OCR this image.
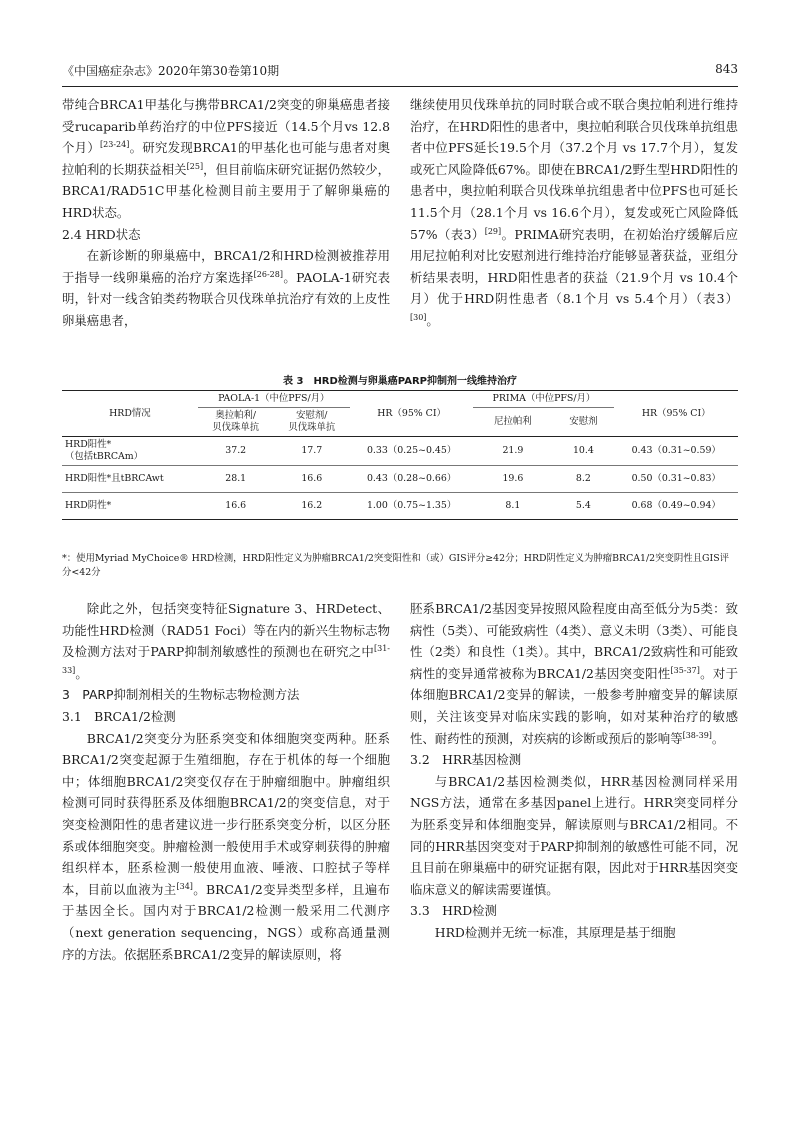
《中国癌症杂志》2020年第30卷第10期	843

带纯合BRCA1甲基化与携带BRCA1/2突变的卵巢癌患者接受rucaparib单药治疗的中位PFS接近（14.5个月vs 12.8个月）[23-24]。研究发现BRCA1的甲基化也可能与患者对奥拉帕利的长期获益相关[25]，但目前临床研究证据仍然较少，BRCA1/RAD51C甲基化检测目前主要用于了解卵巢癌的HRD状态。

2.4 HRD状态

在新诊断的卵巢癌中，BRCA1/2和HRD检测被推荐用于指导一线卵巢癌的治疗方案选择[26-28]。PAOLA-1研究表明，针对一线含铂类药物联合贝伐珠单抗治疗有效的上皮性卵巢癌患者，

继续使用贝伐珠单抗的同时联合或不联合奥拉帕利进行维持治疗，在HRD阳性的患者中，奥拉帕利联合贝伐珠单抗组患者中位PFS延长19.5个月（37.2个月 vs 17.7个月），复发或死亡风险降低67%。即使在BRCA1/2野生型HRD阳性的患者中，奥拉帕利联合贝伐珠单抗组患者中位PFS也可延长11.5个月（28.1个月 vs 16.6个月），复发或死亡风险降低57%（表3）[29]。PRIMA研究表明，在初始治疗缓解后应用尼拉帕利对比安慰剂进行维持治疗能够显著获益，亚组分析结果表明，HRD阳性患者的获益（21.9个月 vs 10.4个月）优于HRD阴性患者（8.1个月 vs 5.4个月）（表3）[30]。

表 3　HRD检测与卵巢癌PARP抑制剂一线维持治疗
HRD情况	PAOLA-1（中位PFS/月）		HR（95% CI）	PRIMA（中位PFS/月）		HR（95% CI）
	奥拉帕利/
贝伐珠单抗	安慰剂/
贝伐珠单抗		尼拉帕利	安慰剂	
HRD阳性*
（包括tBRCAm）	37.2	17.7	0.33（0.25~0.45）	21.9	10.4	0.43（0.31~0.59）
HRD阳性*且tBRCAwt	28.1	16.6	0.43（0.28~0.66）	19.6	8.2	0.50（0.31~0.83）
HRD阴性*	16.6	16.2	1.00（0.75~1.35）	8.1	5.4	0.68（0.49~0.94）
*：使用Myriad MyChoice® HRD检测，HRD阳性定义为肿瘤BRCA1/2突变阳性和（或）GIS评分≥42分；HRD阴性定义为肿瘤BRCA1/2突变阴性且GIS评分<42分

除此之外，包括突变特征Signature 3、HRDetect、功能性HRD检测（RAD51 Foci）等在内的新兴生物标志物及检测方法对于PARP抑制剂敏感性的预测也在研究之中[31-33]。

3　PARP抑制剂相关的生物标志物检测方法

3.1　BRCA1/2检测

BRCA1/2突变分为胚系突变和体细胞突变两种。胚系BRCA1/2突变起源于生殖细胞，存在于机体的每一个细胞中；体细胞BRCA1/2突变仅存在于肿瘤细胞中。肿瘤组织检测可同时获得胚系及体细胞BRCA1/2的突变信息，对于突变检测阳性的患者建议进一步行胚系突变分析，以区分胚系或体细胞突变。肿瘤检测一般使用手术或穿刺获得的肿瘤组织样本，胚系检测一般使用血液、唾液、口腔拭子等样本，目前以血液为主[34]。BRCA1/2变异类型多样，且遍布于基因全长。国内对于BRCA1/2检测一般采用二代测序（next generation sequencing，NGS）或称高通量测序的方法。依据胚系BRCA1/2变异的解读原则，将

胚系BRCA1/2基因变异按照风险程度由高至低分为5类：致病性（5类）、可能致病性（4类）、意义未明（3类）、可能良性（2类）和良性（1类）。其中，BRCA1/2致病性和可能致病性的变异通常被称为BRCA1/2基因突变阳性[35-37]。对于体细胞BRCA1/2变异的解读，一般参考肿瘤变异的解读原则，关注该变异对临床实践的影响，如对某种治疗的敏感性、耐药性的预测，对疾病的诊断或预后的影响等[38-39]。

3.2　HRR基因检测

与BRCA1/2基因检测类似，HRR基因检测同样采用NGS方法，通常在多基因panel上进行。HRR突变同样分为胚系变异和体细胞变异，解读原则与BRCA1/2相同。不同的HRR基因突变对于PARP抑制剂的敏感性可能不同，况且目前在卵巢癌中的研究证据有限，因此对于HRR基因突变临床意义的解读需要谨慎。

3.3　HRD检测

HRD检测并无统一标准，其原理是基于细胞
